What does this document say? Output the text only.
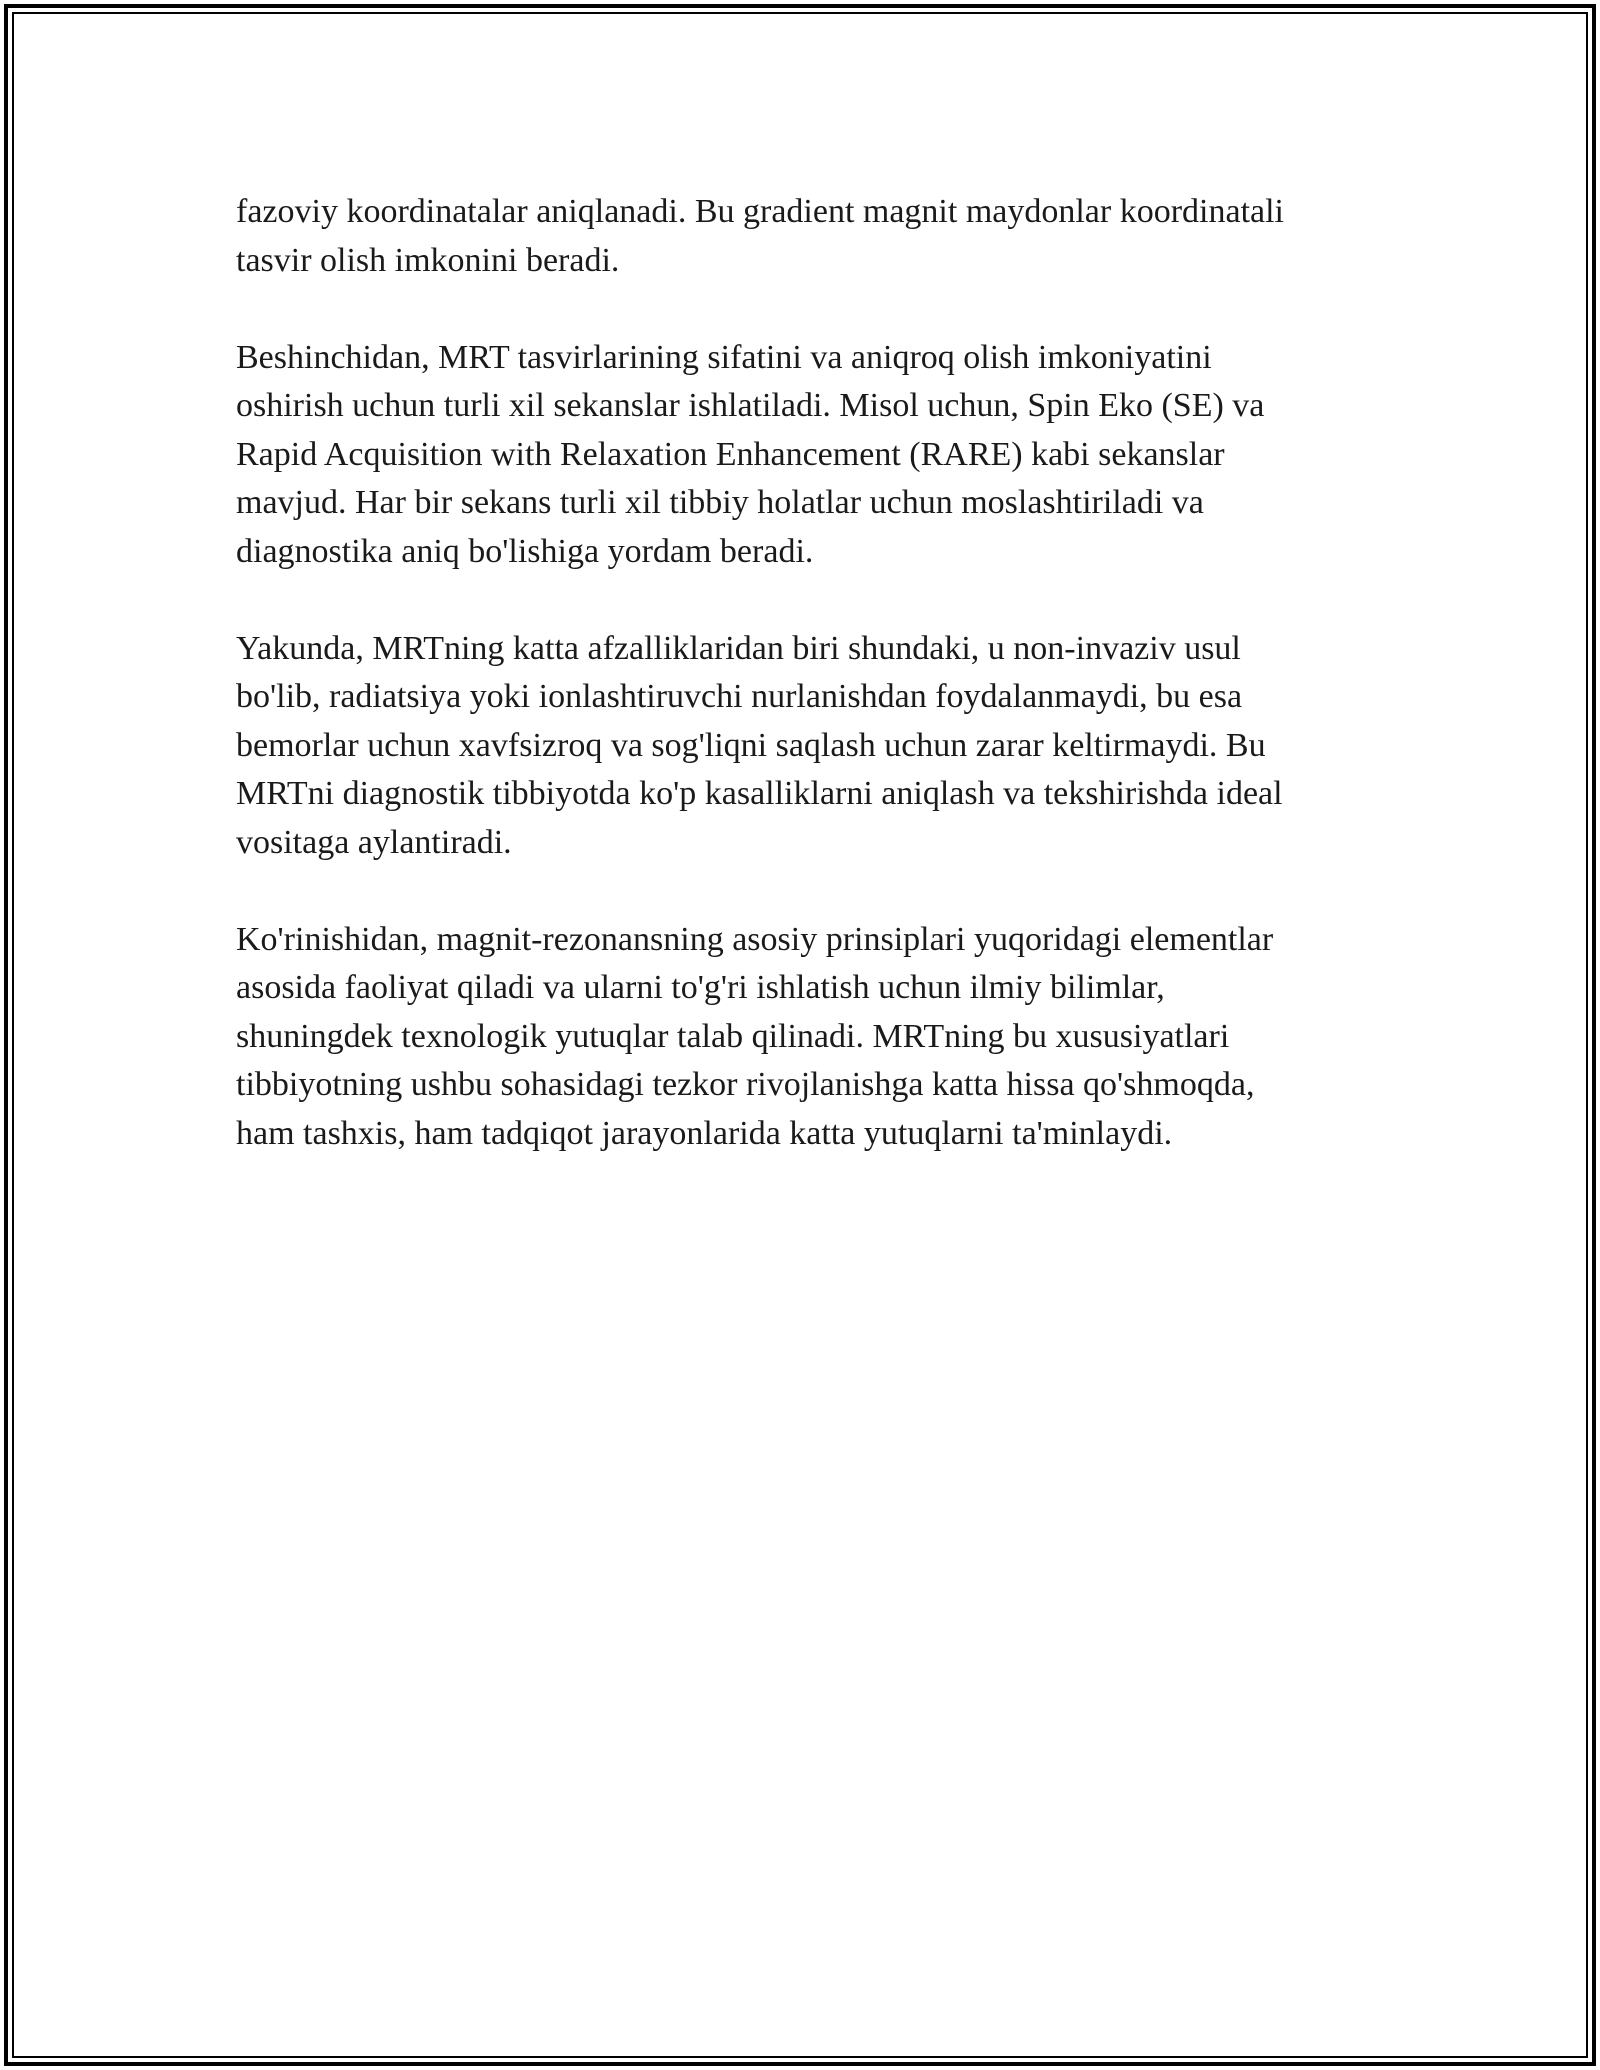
fazoviy koordinatalar aniqlanadi. Bu gradient magnit maydonlar koordinatali
tasvir olish imkonini beradi.

Beshinchidan, MRT tasvirlarining sifatini va aniqroq olish imkoniyatini
oshirish uchun turli xil sekanslar ishlatiladi. Misol uchun, Spin Eko (SE) va
Rapid Acquisition with Relaxation Enhancement (RARE) kabi sekanslar
mavjud. Har bir sekans turli xil tibbiy holatlar uchun moslashtiriladi va
diagnostika aniq bo'lishiga yordam beradi.

Yakunda, MRTning katta afzalliklaridan biri shundaki, u non-invaziv usul
bo'lib, radiatsiya yoki ionlashtiruvchi nurlanishdan foydalanmaydi, bu esa
bemorlar uchun xavfsizroq va sog'liqni saqlash uchun zarar keltirmaydi. Bu
MRTni diagnostik tibbiyotda ko'p kasalliklarni aniqlash va tekshirishda ideal
vositaga aylantiradi.

Ko'rinishidan, magnit-rezonansning asosiy prinsiplari yuqoridagi elementlar
asosida faoliyat qiladi va ularni to'g'ri ishlatish uchun ilmiy bilimlar,
shuningdek texnologik yutuqlar talab qilinadi. MRTning bu xususiyatlari
tibbiyotning ushbu sohasidagi tezkor rivojlanishga katta hissa qo'shmoqda,
ham tashxis, ham tadqiqot jarayonlarida katta yutuqlarni ta'minlaydi.
